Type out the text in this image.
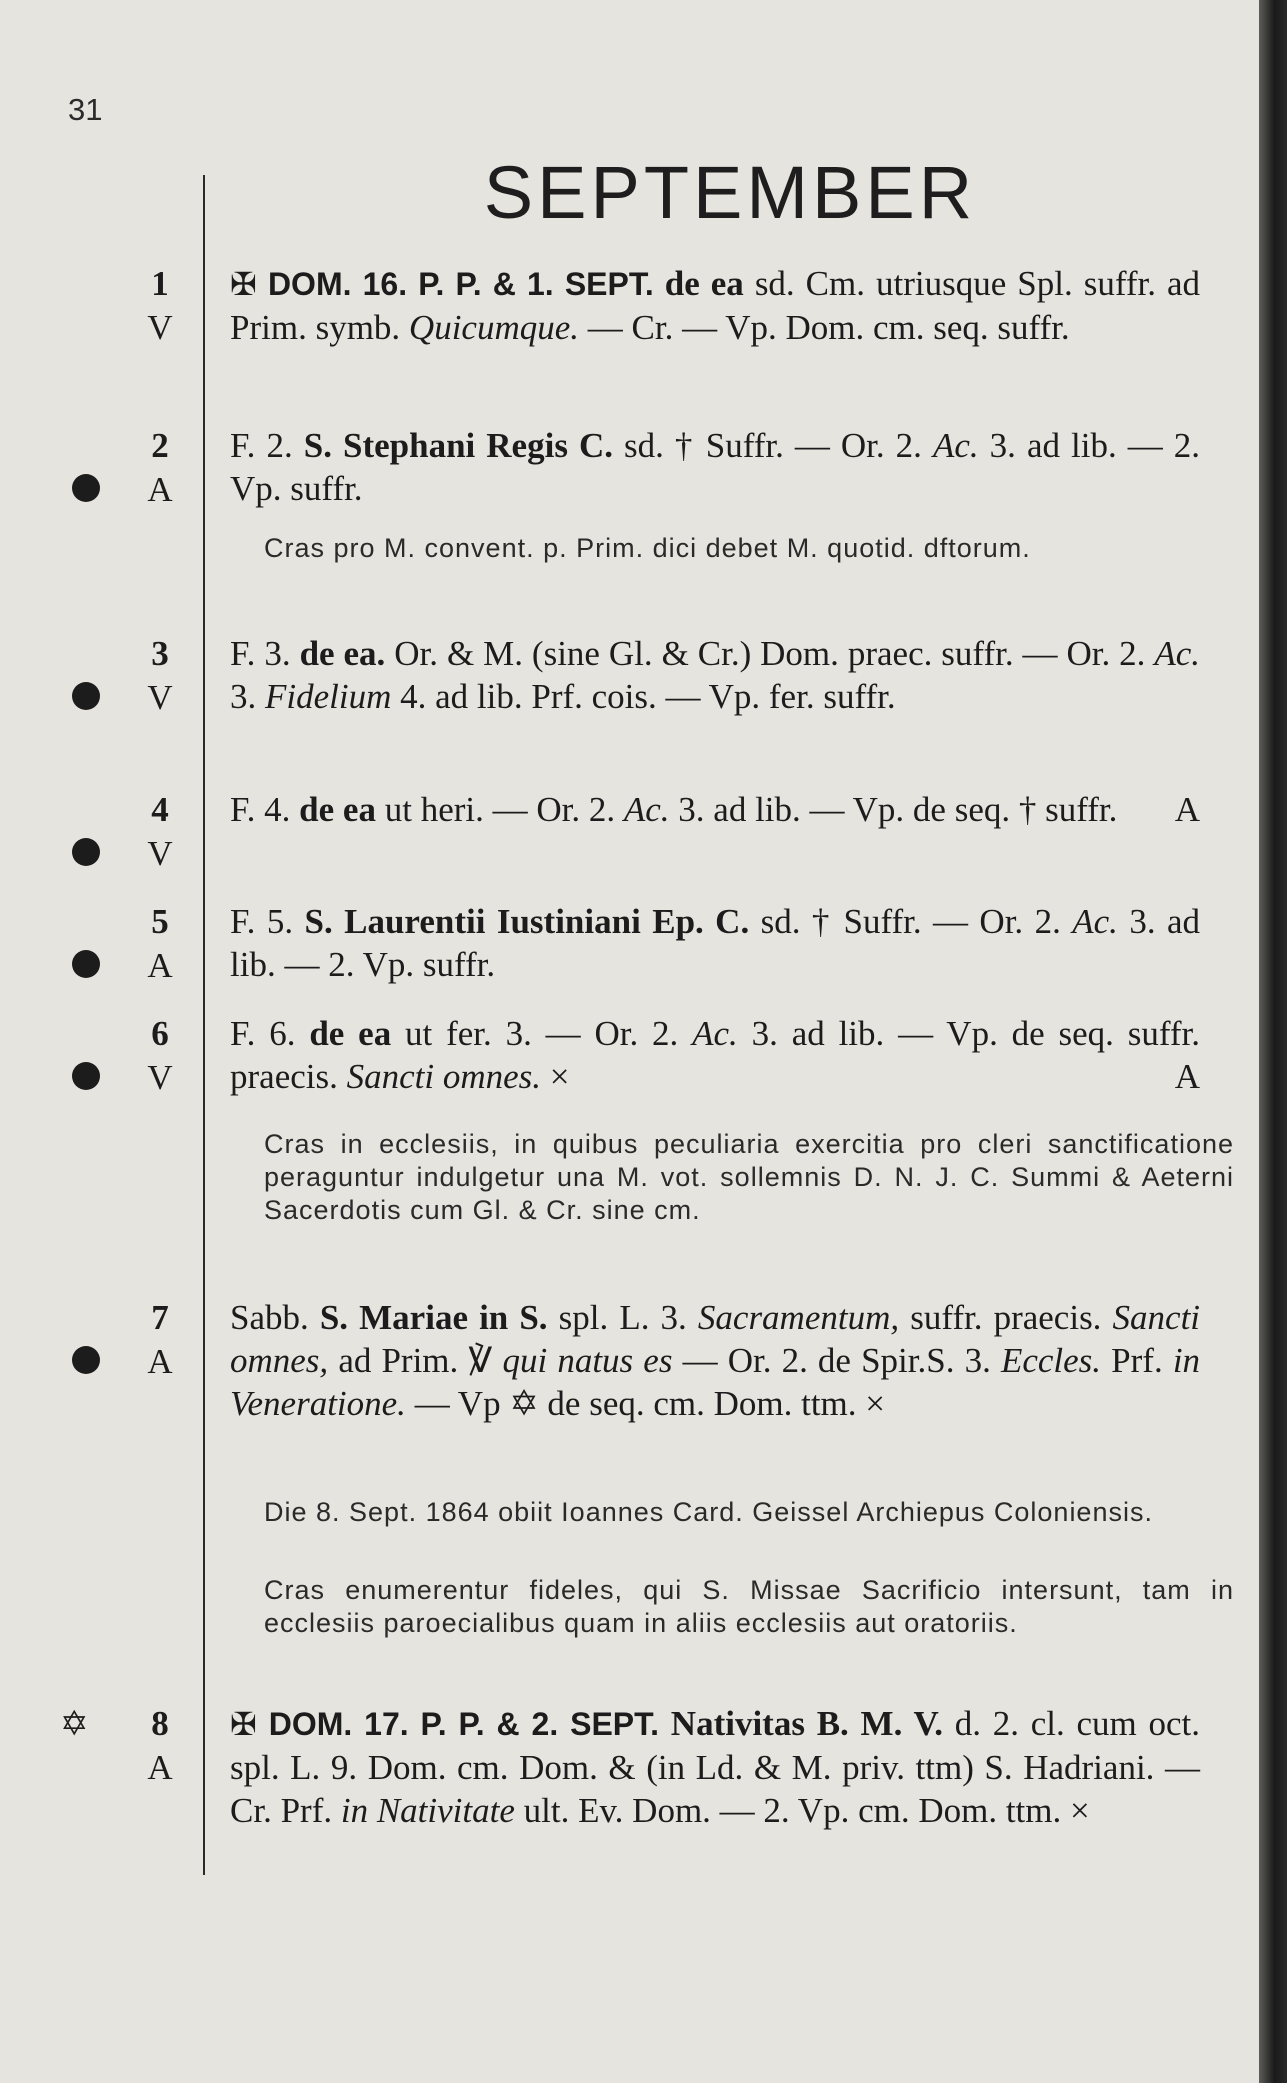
31
SEPTEMBER
1
V
✠ DOM. 16. P. P. & 1. SEPT. de ea sd. Cm. utriusque Spl. suffr. ad Prim. symb. Quicumque. — Cr. — Vp. Dom. cm. seq. suffr.
2
A
F. 2. S. Stephani Regis C. sd. † Suffr. — Or. 2. Ac. 3. ad lib. — 2. Vp. suffr.
Cras pro M. convent. p. Prim. dici debet M. quotid. dftorum.
3
V
F. 3. de ea. Or. & M. (sine Gl. & Cr.) Dom. praec. suffr. — Or. 2. Ac. 3. Fidelium 4. ad lib. Prf. cois. — Vp. fer. suffr.
4
V
F. 4. de ea ut heri. — Or. 2. Ac. 3. ad lib. — Vp. de seq. † suffr. A
5
A
F. 5. S. Laurentii Iustiniani Ep. C. sd. † Suffr. — Or. 2. Ac. 3. ad lib. — 2. Vp. suffr.
6
V
F. 6. de ea ut fer. 3. — Or. 2. Ac. 3. ad lib. — Vp. de seq. suffr. praecis. Sancti omnes. ×	A
Cras in ecclesiis, in quibus peculiaria exercitia pro cleri sanctificatione peraguntur indulgetur una M. vot. sollemnis D. N. J. C. Summi & Aeterni Sacerdotis cum Gl. & Cr. sine cm.
7
A
Sabb. S. Mariae in S. spl. L. 3. Sacramentum, suffr. praecis. Sancti omnes, ad Prim. ℣ qui natus es — Or. 2. de Spir.S. 3. Eccles. Prf. in Veneratione. — Vp ✡ de seq. cm. Dom. ttm. ×
Die 8. Sept. 1864 obiit Ioannes Card. Geissel Archiepus Coloniensis.
Cras enumerentur fideles, qui S. Missae Sacrificio intersunt, tam in ecclesiis paroecialibus quam in aliis ecclesiis aut oratoriis.
✡	8
A
✠ DOM. 17. P. P. & 2. SEPT. Nativitas B. M. V. d. 2. cl. cum oct. spl. L. 9. Dom. cm. Dom. & (in Ld. & M. priv. ttm) S. Hadriani. — Cr. Prf. in Nativitate ult. Ev. Dom. — 2. Vp. cm. Dom. ttm. ×
